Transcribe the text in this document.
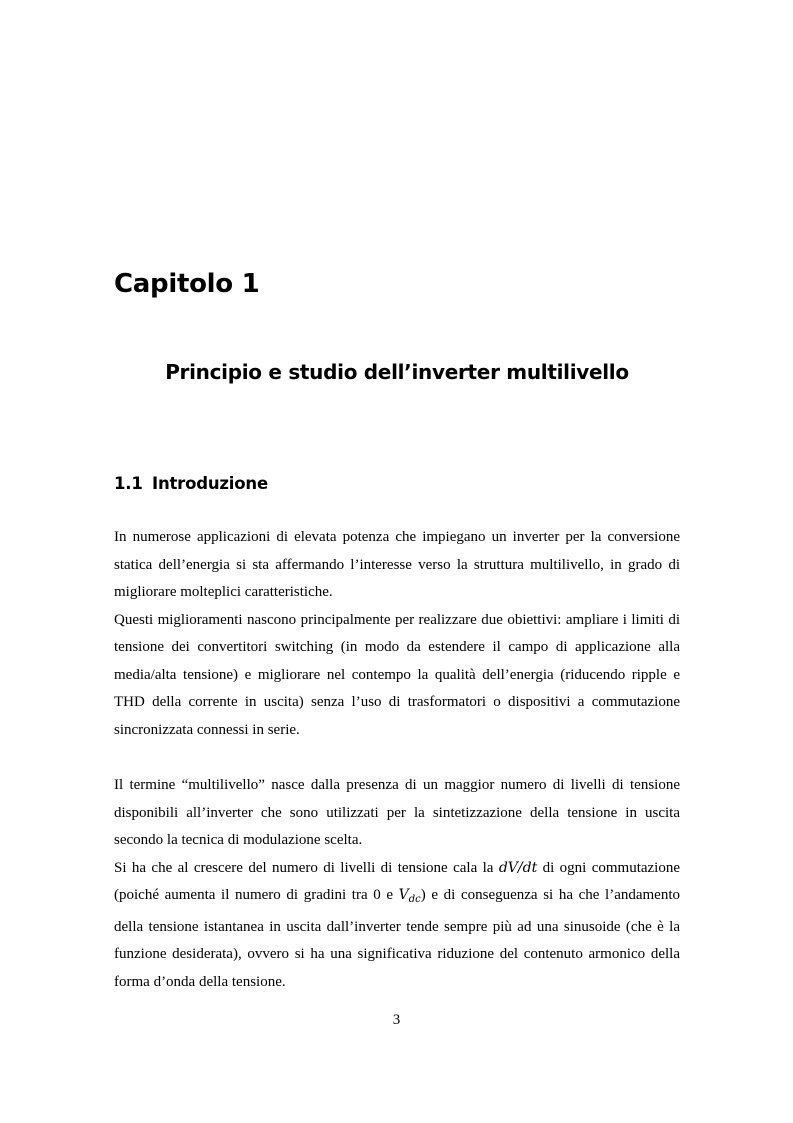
Capitolo 1
Principio e studio dell’inverter multilivello
1.1 Introduzione

In numerose applicazioni di elevata potenza che impiegano un inverter per la conversione statica dell’energia si sta affermando l’interesse verso la struttura multilivello, in grado di migliorare molteplici caratteristiche.

Questi miglioramenti nascono principalmente per realizzare due obiettivi: ampliare i limiti di tensione dei convertitori switching (in modo da estendere il campo di applicazione alla media/alta tensione) e migliorare nel contempo la qualità dell’energia (riducendo ripple e THD della corrente in uscita) senza l’uso di trasformatori o dispositivi a commutazione sincronizzata connessi in serie.

Il termine “multilivello” nasce dalla presenza di un maggior numero di livelli di tensione disponibili all’inverter che sono utilizzati per la sintetizzazione della tensione in uscita secondo la tecnica di modulazione scelta.

Si ha che al crescere del numero di livelli di tensione cala la dV/dt di ogni commutazione (poiché aumenta il numero di gradini tra 0 e $V_{dc}$) e di conseguenza si ha che l’andamento della tensione istantanea in uscita dall’inverter tende sempre più ad una sinusoide (che è la funzione desiderata), ovvero si ha una significativa riduzione del contenuto armonico della forma d’onda della tensione.

3
